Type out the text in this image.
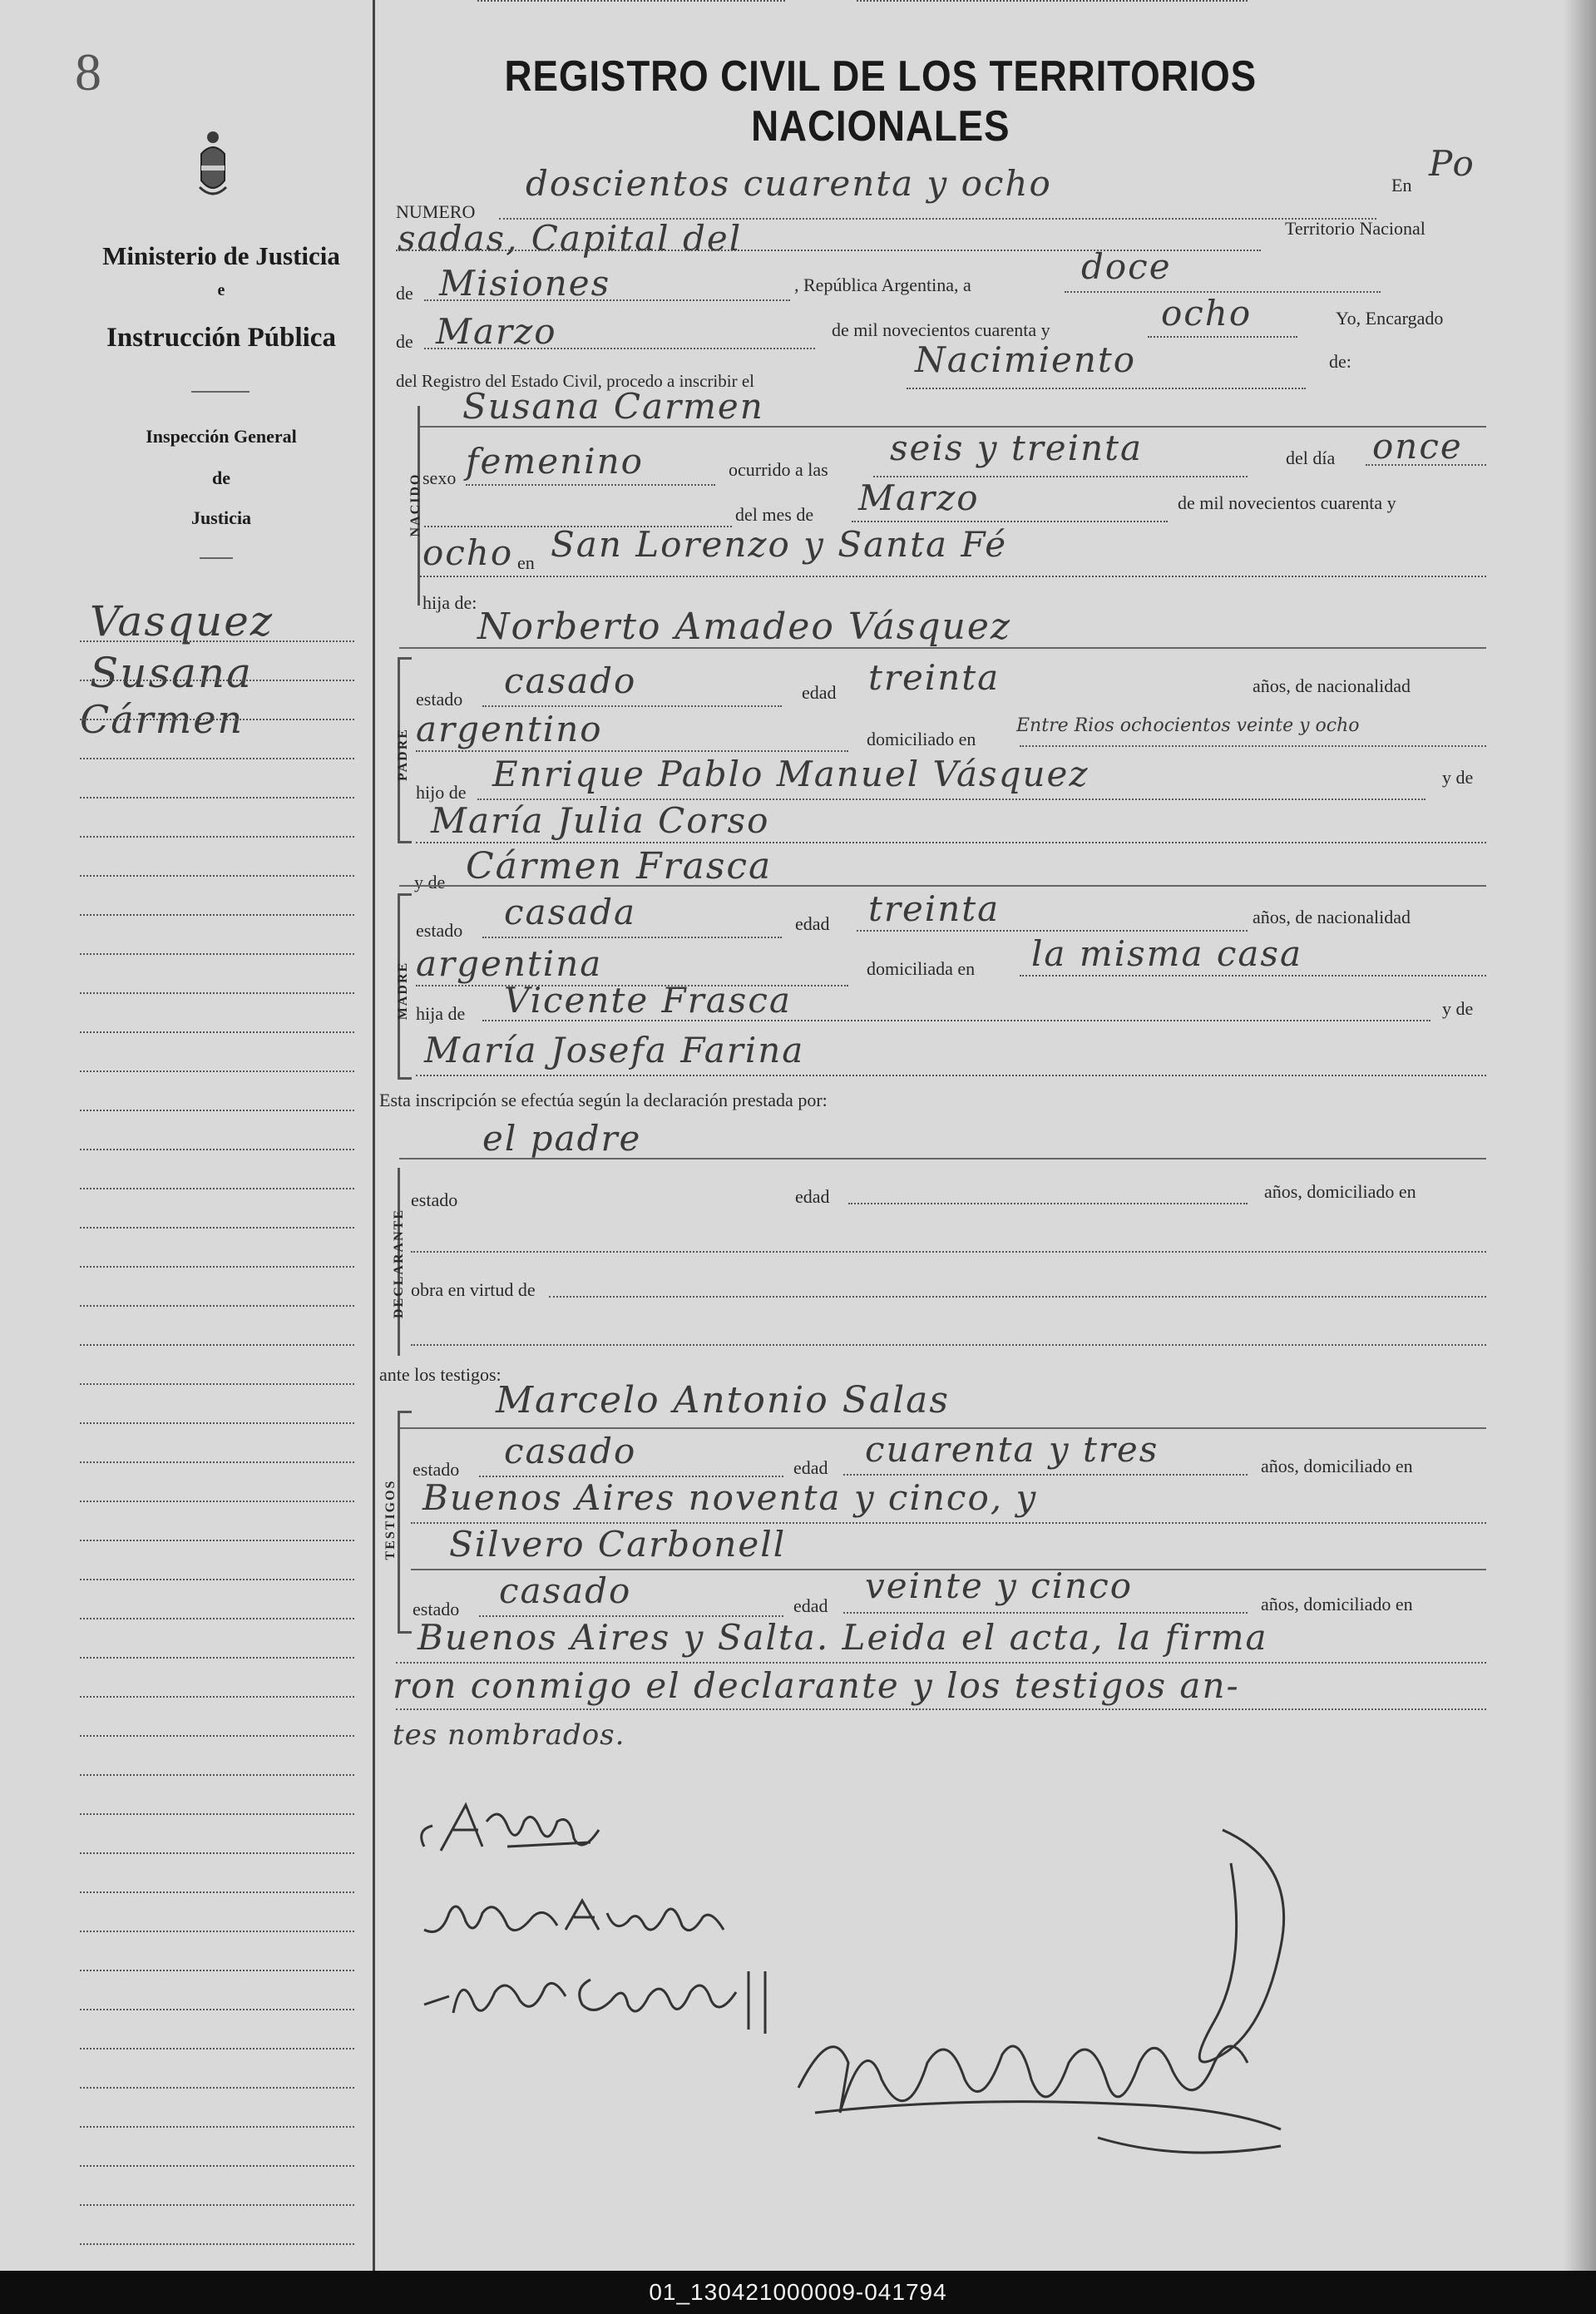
8
Ministerio de Justicia
e
Instrucción Pública
Inspección General
de
Justicia
Vasquez
Susana
Cármen
REGISTRO CIVIL DE LOS TERRITORIOS NACIONALES
NUMERO
doscientos cuarenta y ocho	En
Po
sadas, Capital del	Territorio Nacional
de Misiones	, República Argentina, a	doce
de Marzo	de mil novecientos cuarenta y	ocho	Yo, Encargado
del Registro del Estado Civil, procedo a inscribir el
Nacimiento	de:
NACIDO
Susana Carmen
sexo femenino	ocurrido a las
seis y treinta	del día once
del mes de Marzo	de mil novecientos cuarenta y
ocho en San Lorenzo y Santa Fé
hija de:
Norberto Amadeo Vásquez
PADRE
estado casado	edad treinta	años, de nacionalidad
argentino	domiciliado en
Entre Rios ochocientos veinte y ocho
hijo de Enrique Pablo Manuel Vásquez	y de
María Julia Corso
y de Cármen Frasca
MADRE
estado casada	edad treinta	años, de nacionalidad
argentina	domiciliada en la misma casa
hija de Vicente Frasca	y de
María Josefa Farina
Esta inscripción se efectúa según la declaración prestada por:
el padre
DECLARANTE
estado	edad	años, domiciliado en
obra en virtud de
ante los testigos:
Marcelo Antonio Salas
TESTIGOS
estado casado	edad cuarenta y tres	años, domiciliado en
Buenos Aires noventa y cinco, y
Silvero Carbonell
estado casado	edad veinte y cinco	años, domiciliado en
Buenos Aires y Salta. Leida el acta, la firma
ron conmigo el declarante y los testigos an-
tes nombrados.
01_130421000009-041794
